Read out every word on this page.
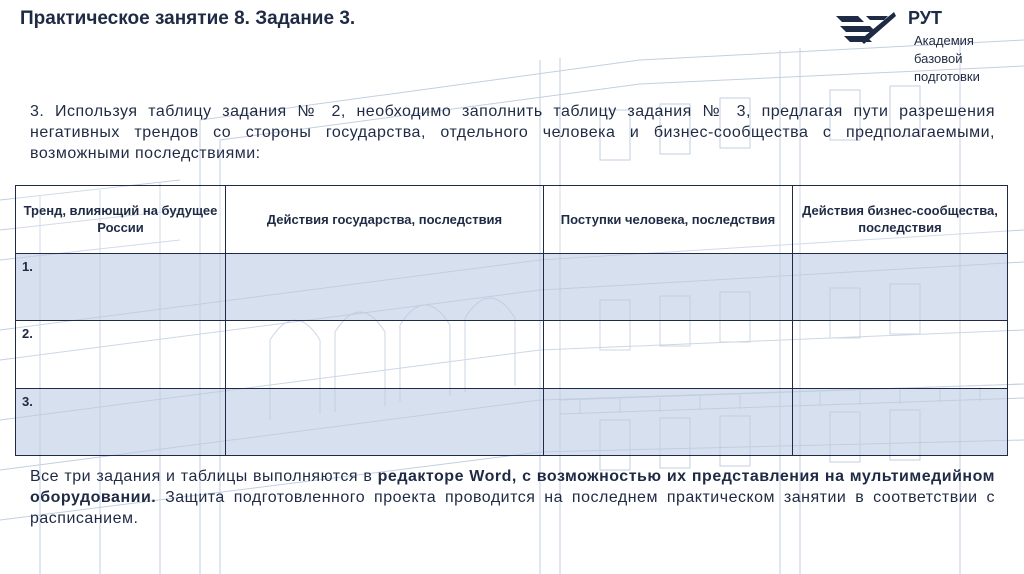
Практическое занятие 8. Задание 3.	РУТ
Академия
базовой
подготовки
3. Используя таблицу задания № 2, необходимо заполнить таблицу задания № 3, предлагая пути разрешения негативных трендов со стороны государства, отдельного человека и бизнес-сообщества с предполагаемыми, возможными последствиями:
Тренд, влияющий на будущее России	Действия государства, последствия	Поступки человека, последствия	Действия бизнес-сообщества, последствия

1.			

2.			

3.			

Все три задания и таблицы выполняются в редакторе Word, с возможностью их представления на мультимедийном оборудовании. Защита подготовленного проекта проводится на последнем практическом занятии в соответствии с расписанием.
